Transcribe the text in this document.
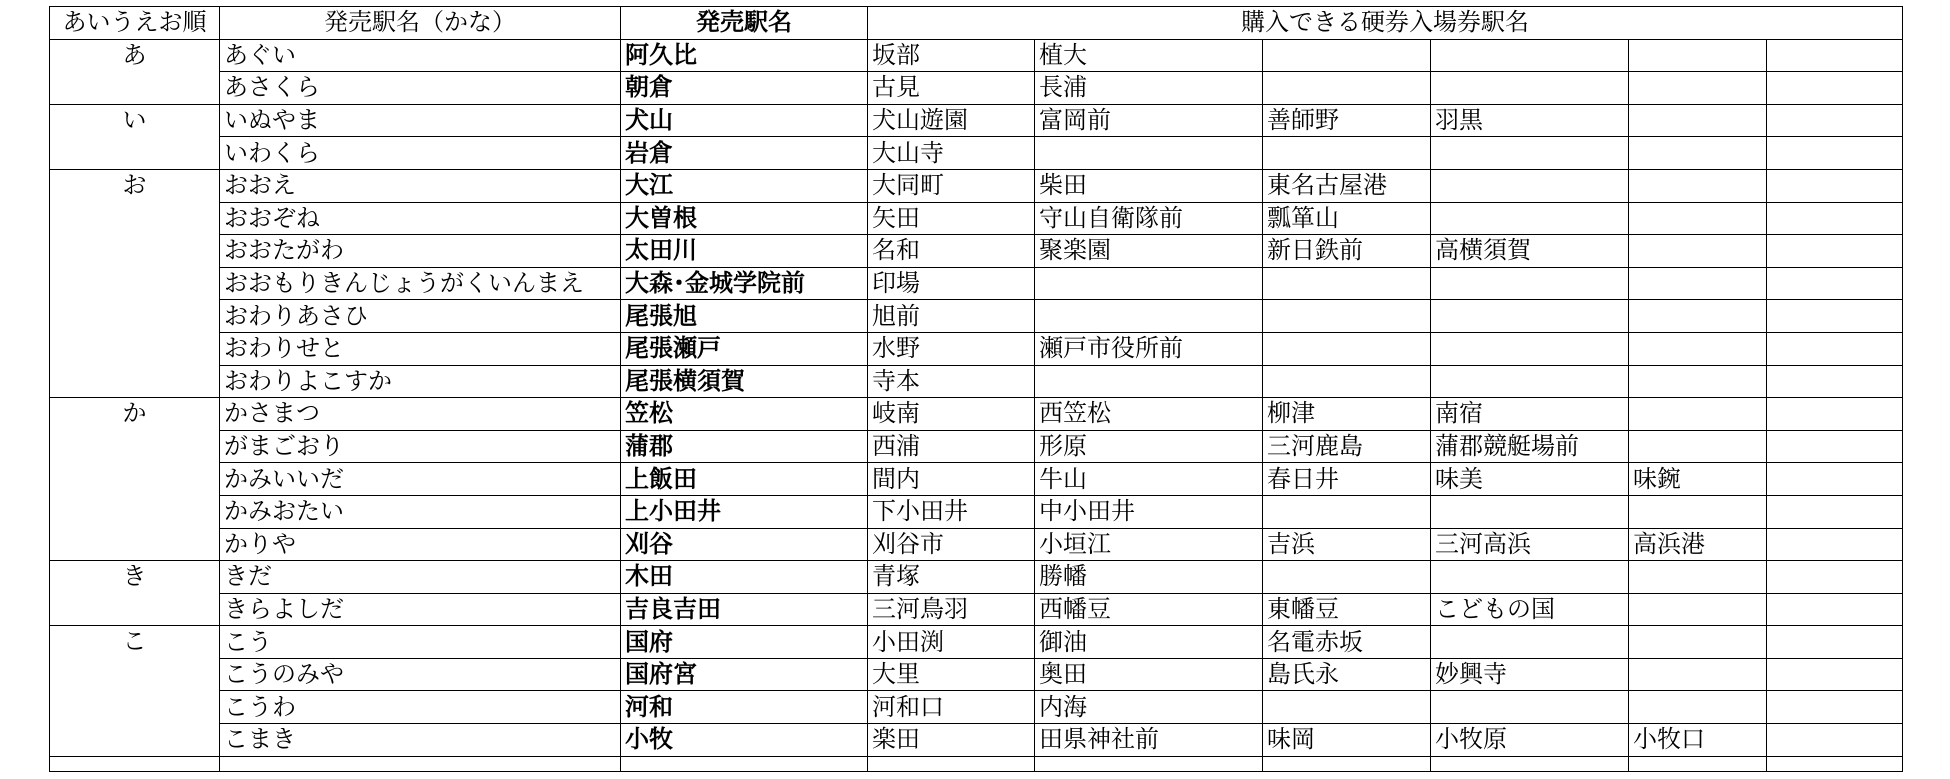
あいうえお順	発売駅名（かな）	発売駅名	購入できる硬券入場券駅名					
あ	あぐい	阿久比	坂部	植大				
	あさくら	朝倉	古見	長浦				
い	いぬやま	犬山	犬山遊園	富岡前	善師野	羽黒		
	いわくら	岩倉	大山寺					
お	おおえ	大江	大同町	柴田	東名古屋港			
	おおぞね	大曽根	矢田	守山自衛隊前	瓢箪山			
	おおたがわ	太田川	名和	聚楽園	新日鉄前	高横須賀		
	おおもりきんじょうがくいんまえ	大森･金城学院前	印場					
	おわりあさひ	尾張旭	旭前					
	おわりせと	尾張瀬戸	水野	瀬戸市役所前				
	おわりよこすか	尾張横須賀	寺本					
か	かさまつ	笠松	岐南	西笠松	柳津	南宿		
	がまごおり	蒲郡	西浦	形原	三河鹿島	蒲郡競艇場前		
	かみいいだ	上飯田	間内	牛山	春日井	味美	味鋺	
	かみおたい	上小田井	下小田井	中小田井				
	かりや	刈谷	刈谷市	小垣江	吉浜	三河高浜	高浜港	
き	きだ	木田	青塚	勝幡				
	きらよしだ	吉良吉田	三河鳥羽	西幡豆	東幡豆	こどもの国		
こ	こう	国府	小田渕	御油	名電赤坂			
	こうのみや	国府宮	大里	奥田	島氏永	妙興寺		
	こうわ	河和	河和口	内海				
	こまき	小牧	楽田	田県神社前	味岡	小牧原	小牧口	
